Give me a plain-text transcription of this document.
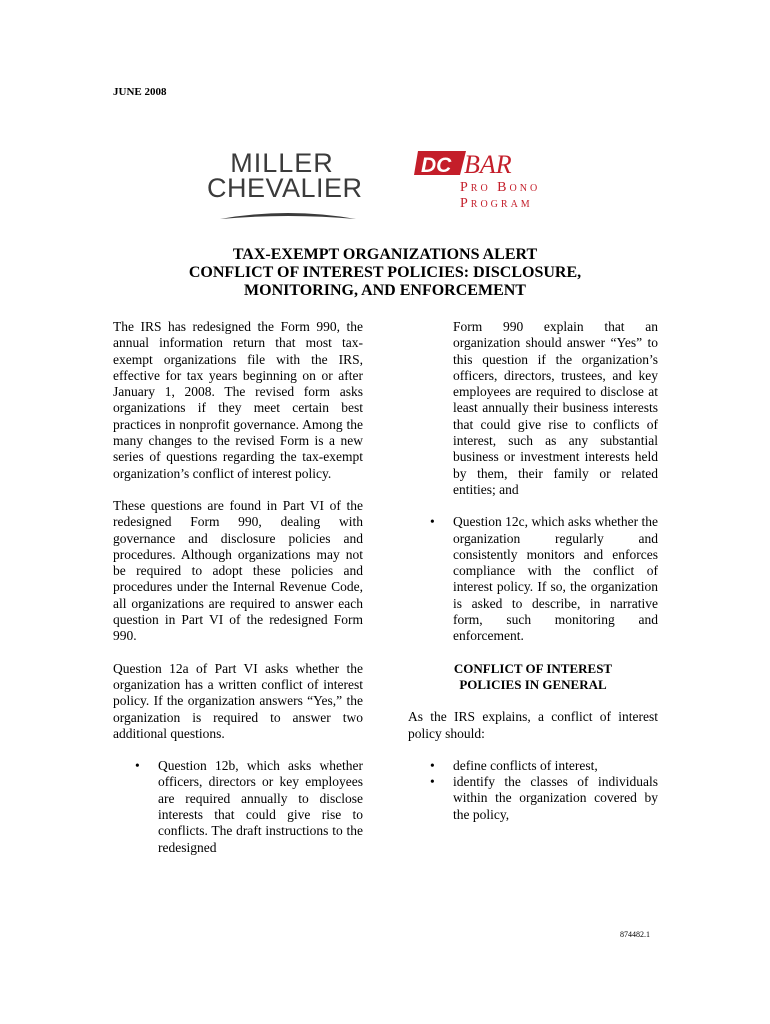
JUNE 2008
MILLER
CHEVALIER
DC BAR
Pro Bono
Program
TAX-EXEMPT ORGANIZATIONS ALERT
CONFLICT OF INTEREST POLICIES: DISCLOSURE,
MONITORING, AND ENFORCEMENT

The IRS has redesigned the Form 990, the annual information return that most tax-exempt organizations file with the IRS, effective for tax years beginning on or after January 1, 2008. The revised form asks organizations if they meet certain best practices in nonprofit governance. Among the many changes to the revised Form is a new series of questions regarding the tax-exempt organization’s conflict of interest policy.

These questions are found in Part VI of the redesigned Form 990, dealing with governance and disclosure policies and procedures. Although organizations may not be required to adopt these policies and procedures under the Internal Revenue Code, all organizations are required to answer each question in Part VI of the redesigned Form 990.

Question 12a of Part VI asks whether the organization has a written conflict of interest policy. If the organization answers “Yes,” the organization is required to answer two additional questions.

• Question 12b, which asks whether officers, directors or key employees are required annually to disclose interests that could give rise to conflicts. The draft instructions to the redesigned

Form 990 explain that an organization should answer “Yes” to this question if the organization’s officers, directors, trustees, and key employees are required to disclose at least annually their business interests that could give rise to conflicts of interest, such as any substantial business or investment interests held by them, their family or related entities; and

• Question 12c, which asks whether the organization regularly and consistently monitors and enforces compliance with the conflict of interest policy. If so, the organization is asked to describe, in narrative form, such monitoring and enforcement.
CONFLICT OF INTEREST
POLICIES IN GENERAL

As the IRS explains, a conflict of interest policy should:

• define conflicts of interest,
• identify the classes of individuals within the organization covered by the policy,
874482.1
